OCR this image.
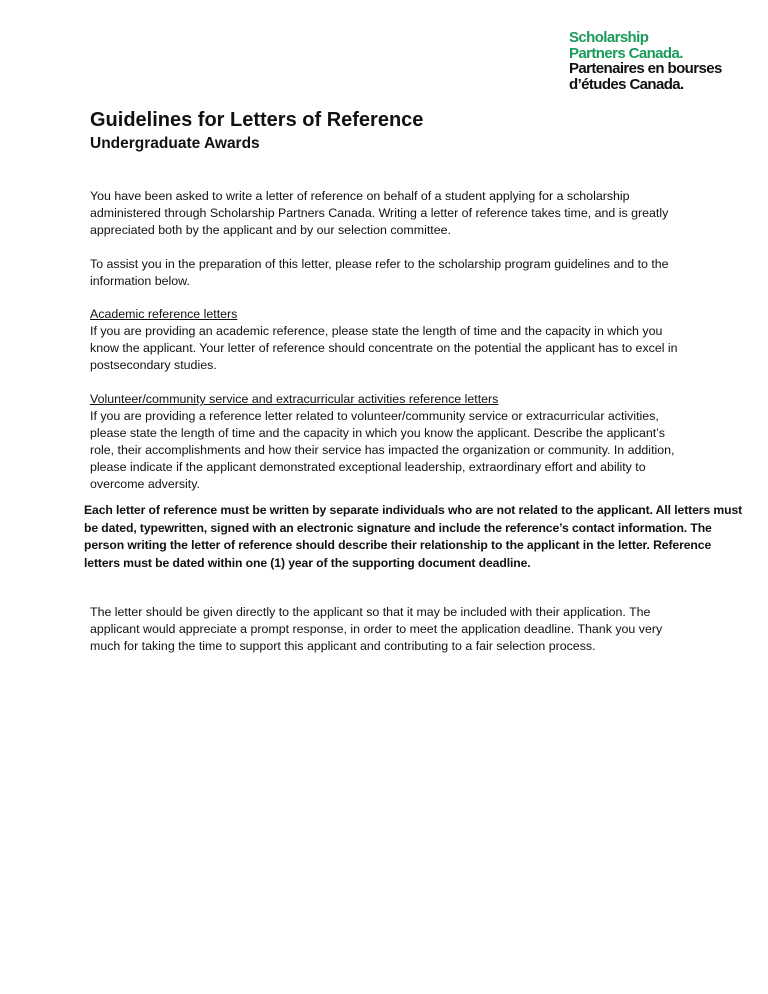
Scholarship
Partners Canada.
Partenaires en bourses
d’études Canada.
Guidelines for Letters of Reference
Undergraduate Awards

You have been asked to write a letter of reference on behalf of a student applying for a scholarship administered through Scholarship Partners Canada. Writing a letter of reference takes time, and is greatly appreciated both by the applicant and by our selection committee.

To assist you in the preparation of this letter, please refer to the scholarship program guidelines and to the information below.

Academic reference letters
If you are providing an academic reference, please state the length of time and the capacity in which you know the applicant. Your letter of reference should concentrate on the potential the applicant has to excel in postsecondary studies.
Volunteer/community service and extracurricular activities reference letters
If you are providing a reference letter related to volunteer/community service or extracurricular activities, please state the length of time and the capacity in which you know the applicant. Describe the applicant’s role, their accomplishments and how their service has impacted the organization or community. In addition, please indicate if the applicant demonstrated exceptional leadership, extraordinary effort and ability to overcome adversity.

Each letter of reference must be written by separate individuals who are not related to the applicant. All letters must be dated, typewritten, signed with an electronic signature and include the reference’s contact information. The person writing the letter of reference should describe their relationship to the applicant in the letter. Reference letters must be dated within one (1) year of the supporting document deadline.

The letter should be given directly to the applicant so that it may be included with their application. The applicant would appreciate a prompt response, in order to meet the application deadline. Thank you very much for taking the time to support this applicant and contributing to a fair selection process.
